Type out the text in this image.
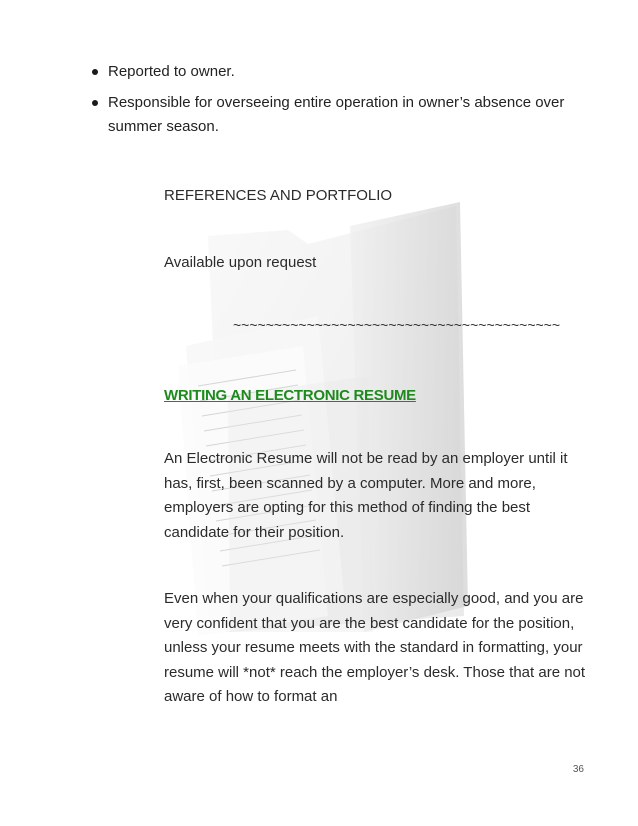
Reported to owner.
Responsible for overseeing entire operation in owner’s absence over summer season.
REFERENCES AND PORTFOLIO
Available upon request
~~~~~~~~~~~~~~~~~~~~~~~~~~~~~~~~~~~~~~~~
WRITING AN ELECTRONIC RESUME
An Electronic Resume will not be read by an employer until it has, first, been scanned by a computer. More and more, employers are opting for this method of finding the best candidate for their position.
Even when your qualifications are especially good, and you are very confident that you are the best candidate for the position, unless your resume meets with the standard in formatting, your resume will *not* reach the employer’s desk. Those that are not aware of how to format an
36
